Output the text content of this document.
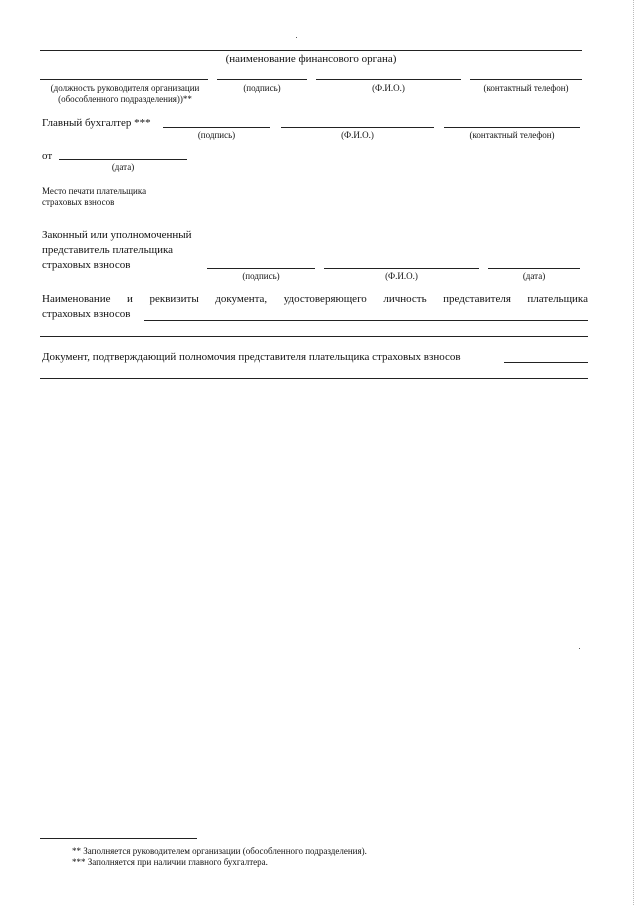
(наименование финансового органа)
(должность руководителя организации (обособленного подразделения))**
(подпись)	(Ф.И.О.)	(контактный телефон)
Главный бухгалтер ***
(подпись)	(Ф.И.О.)	(контактный телефон)
от
(дата)
Место печати плательщика
страховых взносов
Законный или уполномоченный
представитель плательщика
страховых взносов
(подпись)	(Ф.И.О.)	(дата)
Наименование и реквизиты документа, удостоверяющего личность представителя плательщика
страховых взносов
Документ, подтверждающий полномочия представителя плательщика страховых взносов
** Заполняется руководителем организации (обособленного подразделения).
*** Заполняется при наличии главного бухгалтера.
